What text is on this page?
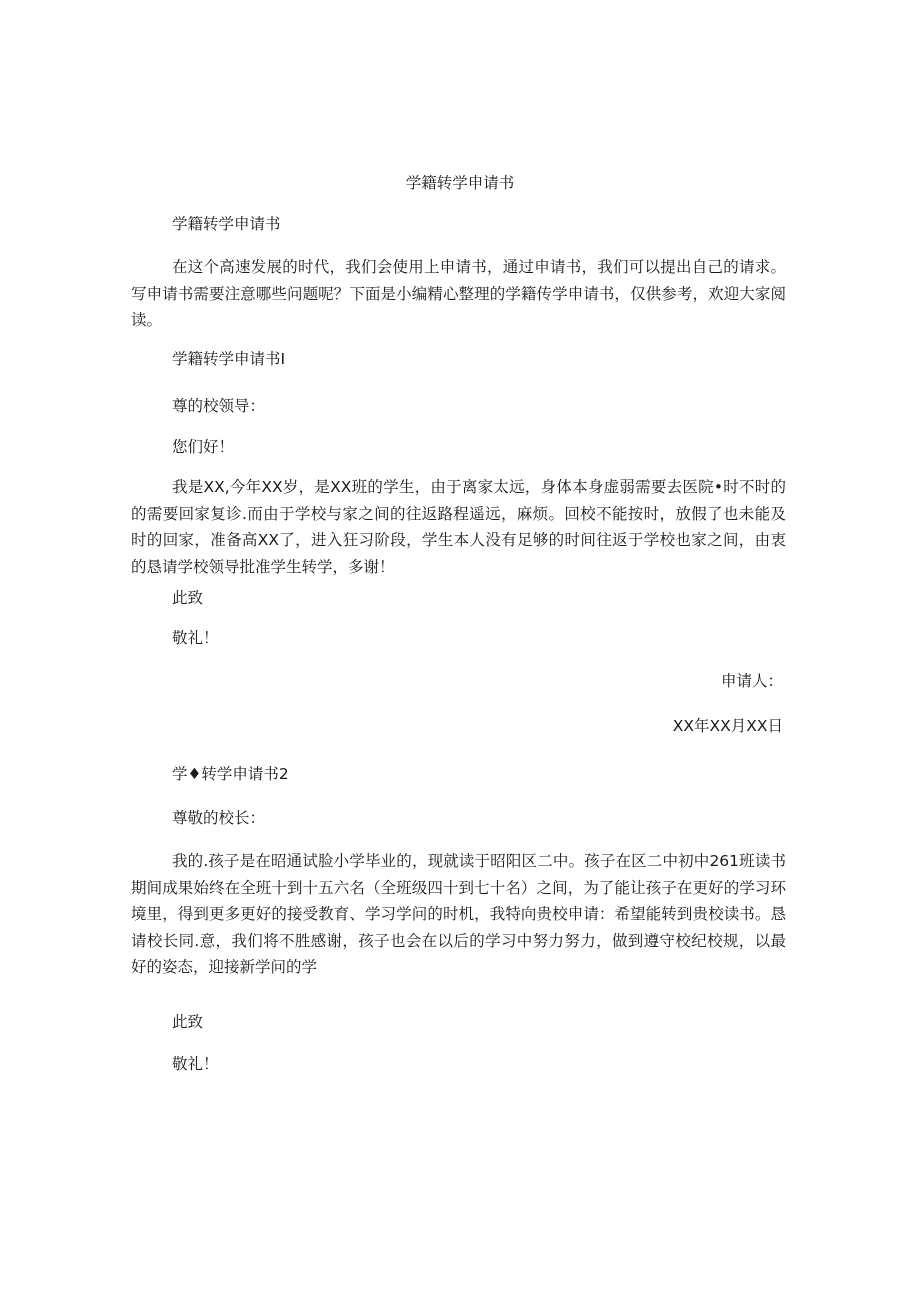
学籍转学申请书
学籍转学申请书
在这个高速发展的时代，我们会使用上申请书，通过申请书，我们可以提出自己的请求。写申请书需要注意哪些问题呢？下面是小编精心整理的学籍传学申请书，仅供参考，欢迎大家阅读。
学籍转学申请书I
尊的校领导：
您们好！
我是XX,今年XX岁，是XX班的学生，由于离家太远，身体本身虚弱需要去医院•时不时的的需要回家复诊.而由于学校与家之间的往返路程遥远，麻烦。回校不能按时，放假了也未能及时的回家，准备高XX了，进入狂习阶段，学生本人没有足够的时间往返于学校也家之间，由衷的恳请学校领导批准学生转学，多谢！
此致
敬礼！
申请人：
XX年XX月XX日
学♦转学申请书2
尊敬的校长：
我的.孩子是在昭通试脸小学毕业的，现就读于昭阳区二中。孩子在区二中初中261班读书期间成果始终在全班十到十五六名（全班级四十到七十名）之间，为了能让孩子在更好的学习环境里，得到更多更好的接受教育、学习学问的时机，我特向贵校申请：希望能转到贵校读书。恳请校长同.意，我们将不胜感谢，孩子也会在以后的学习中努力努力，做到遵守校纪校规，以最好的姿态，迎接新学问的学
此致
敬礼！
